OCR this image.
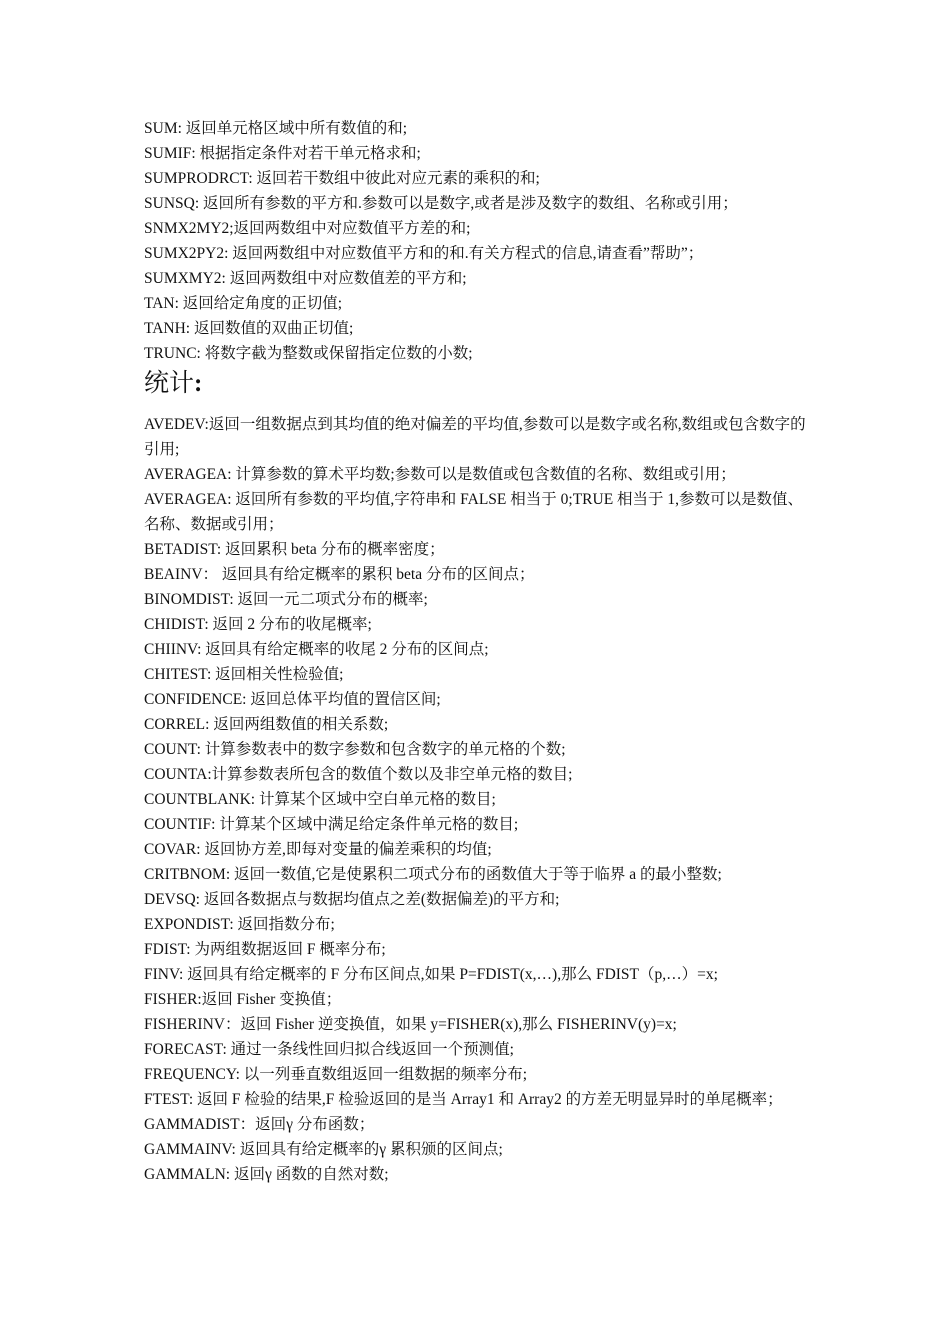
SUM: 返回单元格区域中所有数值的和;
SUMIF: 根据指定条件对若干单元格求和;
SUMPRODRCT: 返回若干数组中彼此对应元素的乘积的和;
SUNSQ: 返回所有参数的平方和.参数可以是数字,或者是涉及数字的数组、名称或引用；
SNMX2MY2;返回两数组中对应数值平方差的和;
SUMX2PY2: 返回两数组中对应数值平方和的和.有关方程式的信息,请查看”帮助”；
SUMXMY2: 返回两数组中对应数值差的平方和;
TAN: 返回给定角度的正切值;
TANH: 返回数值的双曲正切值;
TRUNC: 将数字截为整数或保留指定位数的小数;
统计:
AVEDEV:返回一组数据点到其均值的绝对偏差的平均值,参数可以是数字或名称,数组或包含数字的引用;
AVERAGEA: 计算参数的算术平均数;参数可以是数值或包含数值的名称、数组或引用；
AVERAGEA: 返回所有参数的平均值,字符串和 FALSE 相当于 0;TRUE 相当于 1,参数可以是数值、名称、数据或引用；
BETADIST: 返回累积 beta 分布的概率密度；
BEAINV： 返回具有给定概率的累积 beta 分布的区间点；
BINOMDIST: 返回一元二项式分布的概率;
CHIDIST: 返回 2 分布的收尾概率;
CHIINV: 返回具有给定概率的收尾 2 分布的区间点;
CHITEST: 返回相关性检验值;
CONFIDENCE: 返回总体平均值的置信区间;
CORREL: 返回两组数值的相关系数;
COUNT: 计算参数表中的数字参数和包含数字的单元格的个数;
COUNTA:计算参数表所包含的数值个数以及非空单元格的数目;
COUNTBLANK: 计算某个区域中空白单元格的数目;
COUNTIF: 计算某个区域中满足给定条件单元格的数目;
COVAR: 返回协方差,即每对变量的偏差乘积的均值;
CRITBNOM: 返回一数值,它是使累积二项式分布的函数值大于等于临界 a 的最小整数;
DEVSQ: 返回各数据点与数据均值点之差(数据偏差)的平方和;
EXPONDIST: 返回指数分布;
FDIST: 为两组数据返回 F 概率分布;
FINV: 返回具有给定概率的 F 分布区间点,如果 P=FDIST(x,…),那么 FDIST（p,…）=x;
FISHER:返回 Fisher 变换值；
FISHERINV：返回 Fisher 逆变换值，如果 y=FISHER(x),那么 FISHERINV(y)=x;
FORECAST: 通过一条线性回归拟合线返回一个预测值;
FREQUENCY: 以一列垂直数组返回一组数据的频率分布;
FTEST: 返回 F 检验的结果,F 检验返回的是当 Array1 和 Array2 的方差无明显异时的单尾概率；
GAMMADIST：返回γ 分布函数；
GAMMAINV: 返回具有给定概率的γ 累积颁的区间点;
GAMMALN: 返回γ 函数的自然对数;
